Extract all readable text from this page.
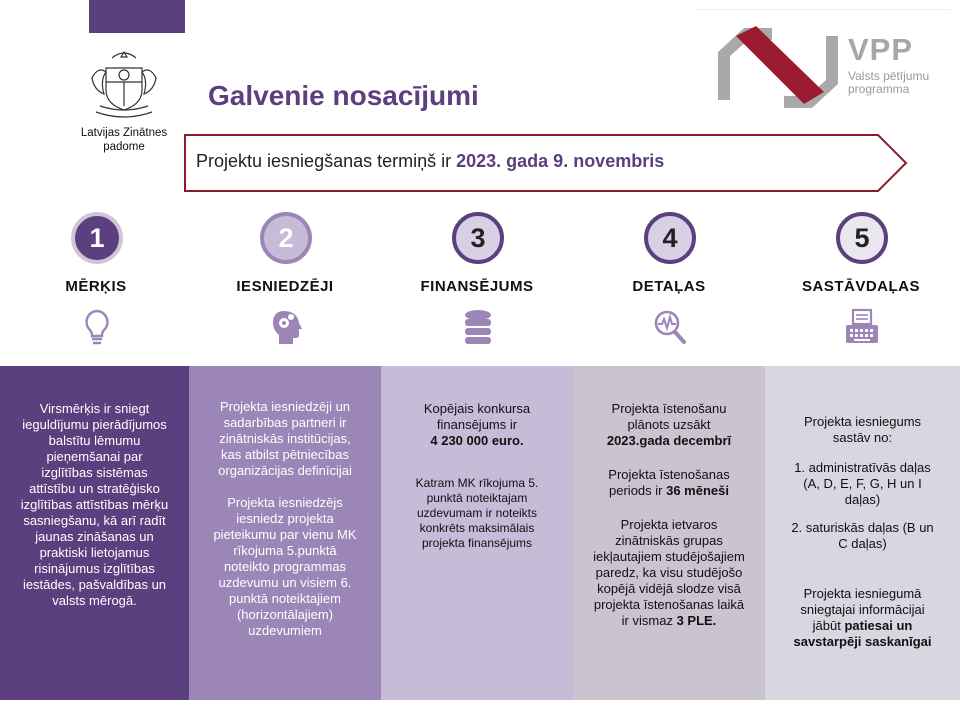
Latvijas Zinātnes padome
VPP
Valsts pētījumu programma
Galvenie nosacījumi
Projektu iesniegšanas termiņš ir 2023. gada 9. novembris
1
MĒRĶIS
2
IESNIEDZĒJI
3
FINANSĒJUMS
4
DETAĻAS
5
SASTĀVDAĻAS

Virsmērķis ir sniegt ieguldījumu pierādījumos balstītu lēmumu pieņemšanai par izglītības sistēmas attīstību un stratēģisko izglītības attīstības mērķu sasniegšanu, kā arī radīt jaunas zināšanas un praktiski lietojamus risinājumus izglītības iestādes, pašvaldības un valsts mērogā.

Projekta iesniedzēji un sadarbības partneri ir zinātniskās institūcijas, kas atbilst pētniecības organizācijas definīcijai

Projekta iesniedzējs iesniedz projekta pieteikumu par vienu MK rīkojuma 5.punktā noteikto programmas uzdevumu un visiem 6. punktā noteiktajiem (horizontālajiem) uzdevumiem

Kopējais konkursa finansējums ir

4 230 000 euro.

Katram MK rīkojuma 5. punktā noteiktajam uzdevumam ir noteikts konkrēts maksimālais projekta finansējums

Projekta īstenošanu plānots uzsākt

2023.gada decembrī

Projekta īstenošanas periods ir 36 mēneši

Projekta ietvaros zinātniskās grupas iekļautajiem studējošajiem paredz, ka visu studējošo kopējā vidējā slodze visā projekta īstenošanas laikā ir vismaz 3 PLE.

Projekta iesniegums sastāv no:

1. administratīvās daļas (A, D, E, F, G, H un I daļas)
2. saturiskās daļas (B un C daļas)

Projekta iesniegumā sniegtajai informācijai jābūt patiesai un savstarpēji saskanīgai
